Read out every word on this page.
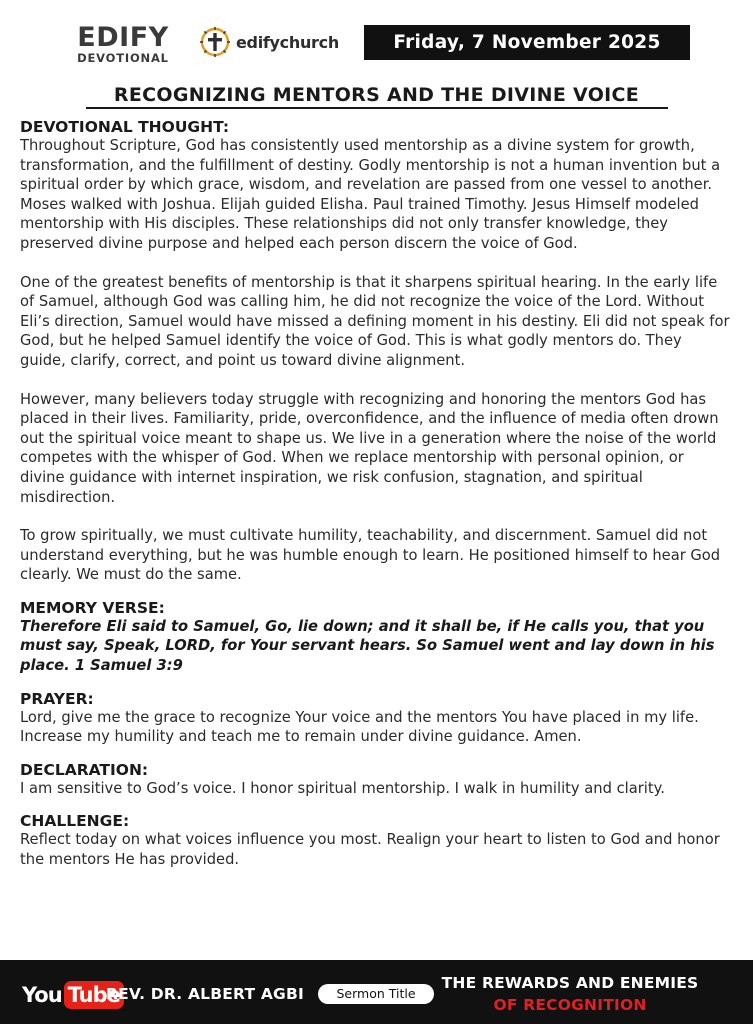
EDIFY
DEVOTIONAL
edifychurch	Friday, 7 November 2025
RECOGNIZING MENTORS AND THE DIVINE VOICE
DEVOTIONAL THOUGHT:

Throughout Scripture, God has consistently used mentorship as a divine system for growth, transformation, and the fulfillment of destiny. Godly mentorship is not a human invention but a spiritual order by which grace, wisdom, and revelation are passed from one vessel to another. Moses walked with Joshua. Elijah guided Elisha. Paul trained Timothy. Jesus Himself modeled mentorship with His disciples. These relationships did not only transfer knowledge, they preserved divine purpose and helped each person discern the voice of God.

One of the greatest benefits of mentorship is that it sharpens spiritual hearing. In the early life of Samuel, although God was calling him, he did not recognize the voice of the Lord. Without Eli’s direction, Samuel would have missed a defining moment in his destiny. Eli did not speak for God, but he helped Samuel identify the voice of God. This is what godly mentors do. They guide, clarify, correct, and point us toward divine alignment.

However, many believers today struggle with recognizing and honoring the mentors God has placed in their lives. Familiarity, pride, overconfidence, and the influence of media often drown out the spiritual voice meant to shape us. We live in a generation where the noise of the world competes with the whisper of God. When we replace mentorship with personal opinion, or divine guidance with internet inspiration, we risk confusion, stagnation, and spiritual misdirection.

To grow spiritually, we must cultivate humility, teachability, and discernment. Samuel did not understand everything, but he was humble enough to learn. He positioned himself to hear God clearly. We must do the same.

MEMORY VERSE:

Therefore Eli said to Samuel, Go, lie down; and it shall be, if He calls you, that you must say, Speak, LORD, for Your servant hears. So Samuel went and lay down in his place. 1 Samuel 3:9

PRAYER:

Lord, give me the grace to recognize Your voice and the mentors You have placed in my life. Increase my humility and teach me to remain under divine guidance. Amen.

DECLARATION:

I am sensitive to God’s voice. I honor spiritual mentorship. I walk in humility and clarity.

CHALLENGE:

Reflect today on what voices influence you most. Realign your heart to listen to God and honor the mentors He has provided.

You Tube
REV. DR. ALBERT AGBI	Sermon Title
THE REWARDS AND ENEMIES
OF RECOGNITION
